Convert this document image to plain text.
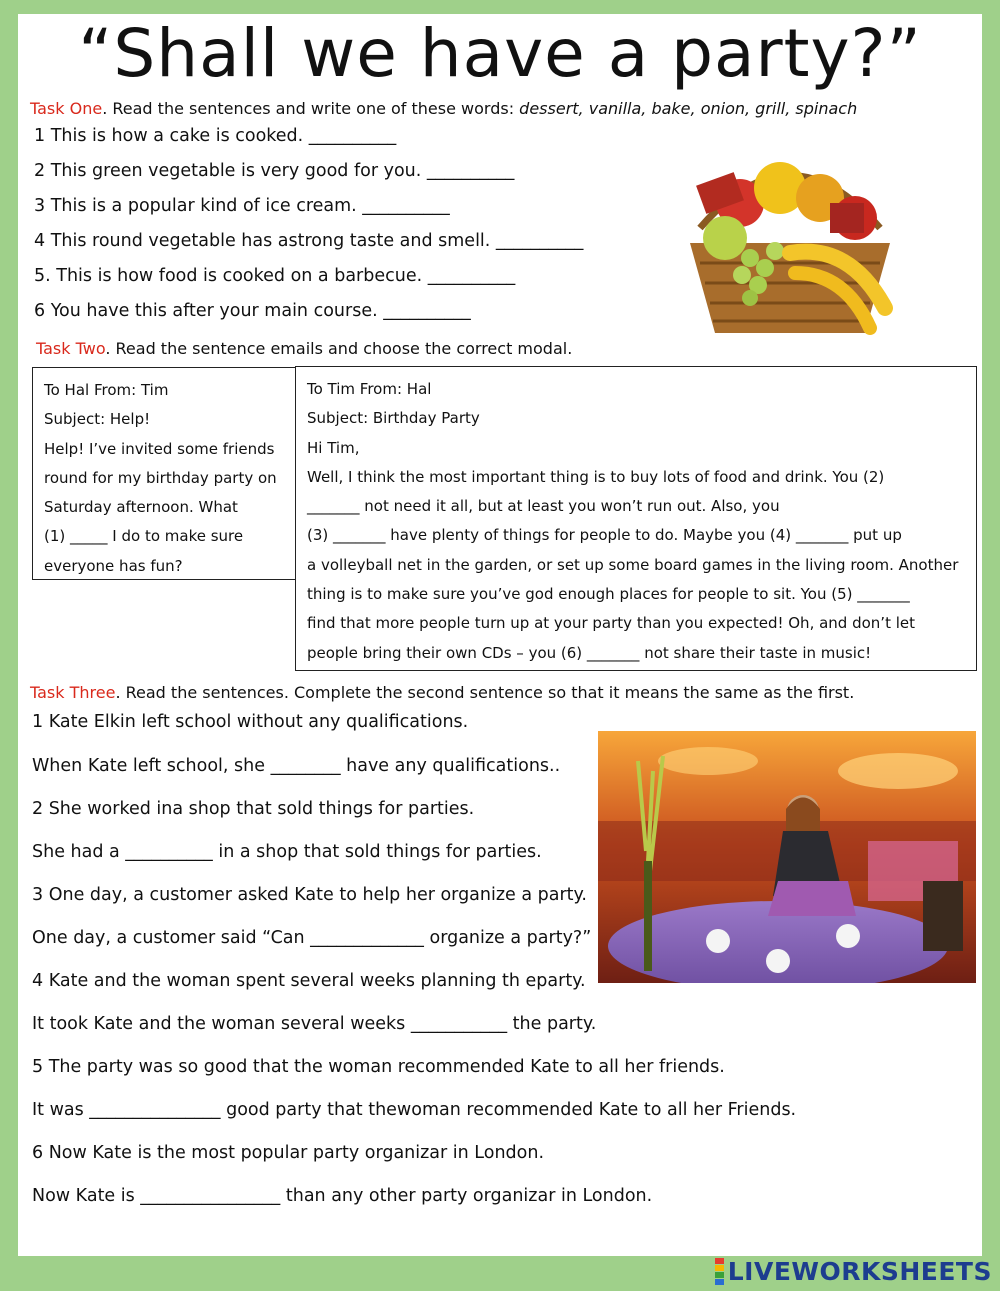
“Shall we have a party?”
Task One. Read the sentences and write one of these words: dessert, vanilla, bake, onion, grill, spinach
1 This is how a cake is cooked. __________
2 This green vegetable is very good for you. __________
3 This is a popular kind of ice cream. __________
4 This round vegetable has astrong taste and smell. __________
5. This is how food is cooked on a barbecue. __________
6 You have this after your main course. __________
Task Two. Read the sentence emails and choose the correct modal.
To Hal From: Tim
Subject: Help!
Help! I’ve invited some friends
round for my birthday party on
Saturday afternoon. What
(1) _____ I do to make sure
everyone has fun?
To Tim From: Hal
Subject: Birthday Party
Hi Tim,
Well, I think the most important thing is to buy lots of food and drink. You (2)
_______ not need it all, but at least you won’t run out. Also, you
(3) _______ have plenty of things for people to do. Maybe you (4) _______ put up
a volleyball net in the garden, or set up some board games in the living room. Another
thing is to make sure you’ve god enough places for people to sit. You (5) _______
find that more people turn up at your party than you expected! Oh, and don’t let
people bring their own CDs – you (6) _______ not share their taste in music!
Task Three. Read the sentences. Complete the second sentence so that it means the same as the first.
1 Kate Elkin left school without any qualifications.
When Kate left school, she ________ have any qualifications..
2 She worked ina shop that sold things for parties.
She had a __________ in a shop that sold things for parties.
3 One day, a customer asked Kate to help her organize a party.
One day, a customer said “Can _____________ organize a party?”
4 Kate and the woman spent several weeks planning th eparty.
It took Kate and the woman several weeks ___________ the party.
5 The party was so good that the woman recommended Kate to all her friends.
It was _______________ good party that thewoman recommended Kate to all her Friends.
6 Now Kate is the most popular party organizar in London.
Now Kate is ________________ than any other party organizar in London.
LIVEWORKSHEETS
